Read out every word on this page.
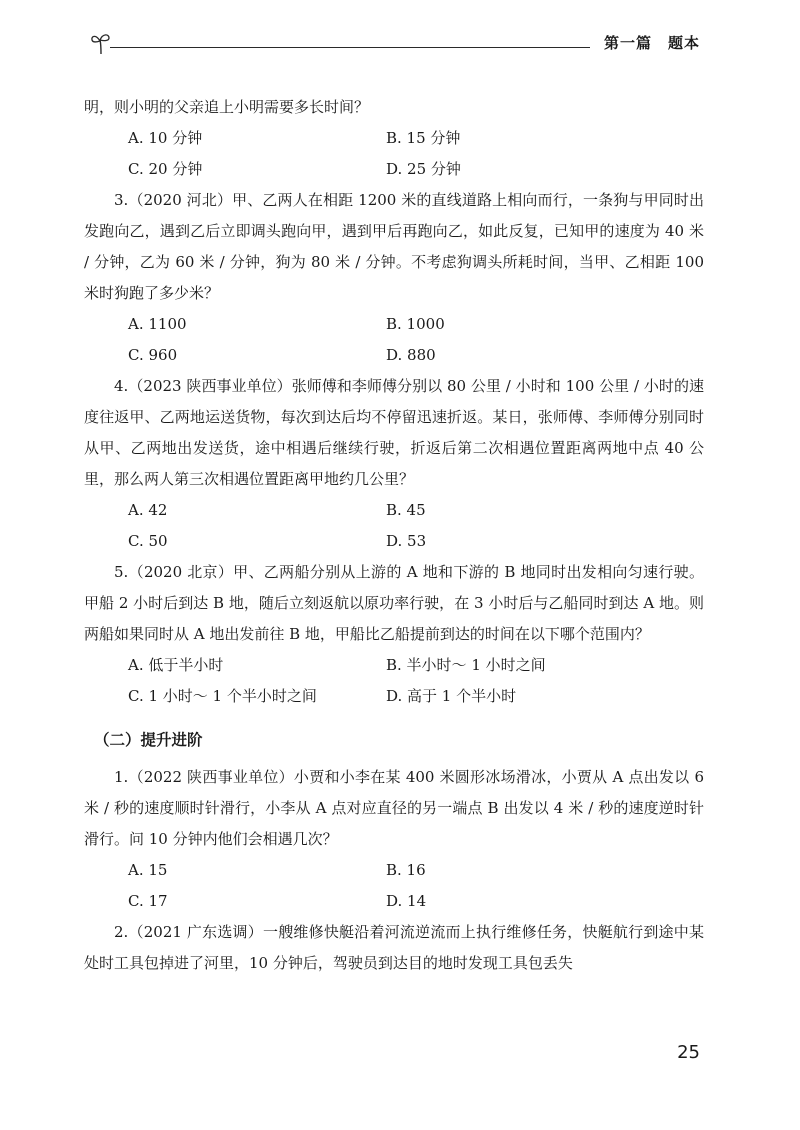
第一篇　题本

明，则小明的父亲追上小明需要多长时间？

A. 10 分钟	B. 15 分钟
C. 20 分钟	D. 25 分钟

3.（2020 河北）甲、乙两人在相距 1200 米的直线道路上相向而行，一条狗与甲同时出发跑向乙，遇到乙后立即调头跑向甲，遇到甲后再跑向乙，如此反复，已知甲的速度为 40 米 / 分钟，乙为 60 米 / 分钟，狗为 80 米 / 分钟。不考虑狗调头所耗时间，当甲、乙相距 100 米时狗跑了多少米？

A. 1100	B. 1000
C. 960	D. 880

4.（2023 陕西事业单位）张师傅和李师傅分别以 80 公里 / 小时和 100 公里 / 小时的速度往返甲、乙两地运送货物，每次到达后均不停留迅速折返。某日，张师傅、李师傅分别同时从甲、乙两地出发送货，途中相遇后继续行驶，折返后第二次相遇位置距离两地中点 40 公里，那么两人第三次相遇位置距离甲地约几公里？

A. 42	B. 45
C. 50	D. 53

5.（2020 北京）甲、乙两船分别从上游的 A 地和下游的 B 地同时出发相向匀速行驶。甲船 2 小时后到达 B 地，随后立刻返航以原功率行驶，在 3 小时后与乙船同时到达 A 地。则两船如果同时从 A 地出发前往 B 地，甲船比乙船提前到达的时间在以下哪个范围内？

A. 低于半小时	B. 半小时～ 1 小时之间
C. 1 小时～ 1 个半小时之间	D. 高于 1 个半小时
（二）提升进阶

1.（2022 陕西事业单位）小贾和小李在某 400 米圆形冰场滑冰，小贾从 A 点出发以 6 米 / 秒的速度顺时针滑行，小李从 A 点对应直径的另一端点 B 出发以 4 米 / 秒的速度逆时针滑行。问 10 分钟内他们会相遇几次？

A. 15	B. 16
C. 17	D. 14

2.（2021 广东选调）一艘维修快艇沿着河流逆流而上执行维修任务，快艇航行到途中某处时工具包掉进了河里，10 分钟后，驾驶员到达目的地时发现工具包丢失

25
